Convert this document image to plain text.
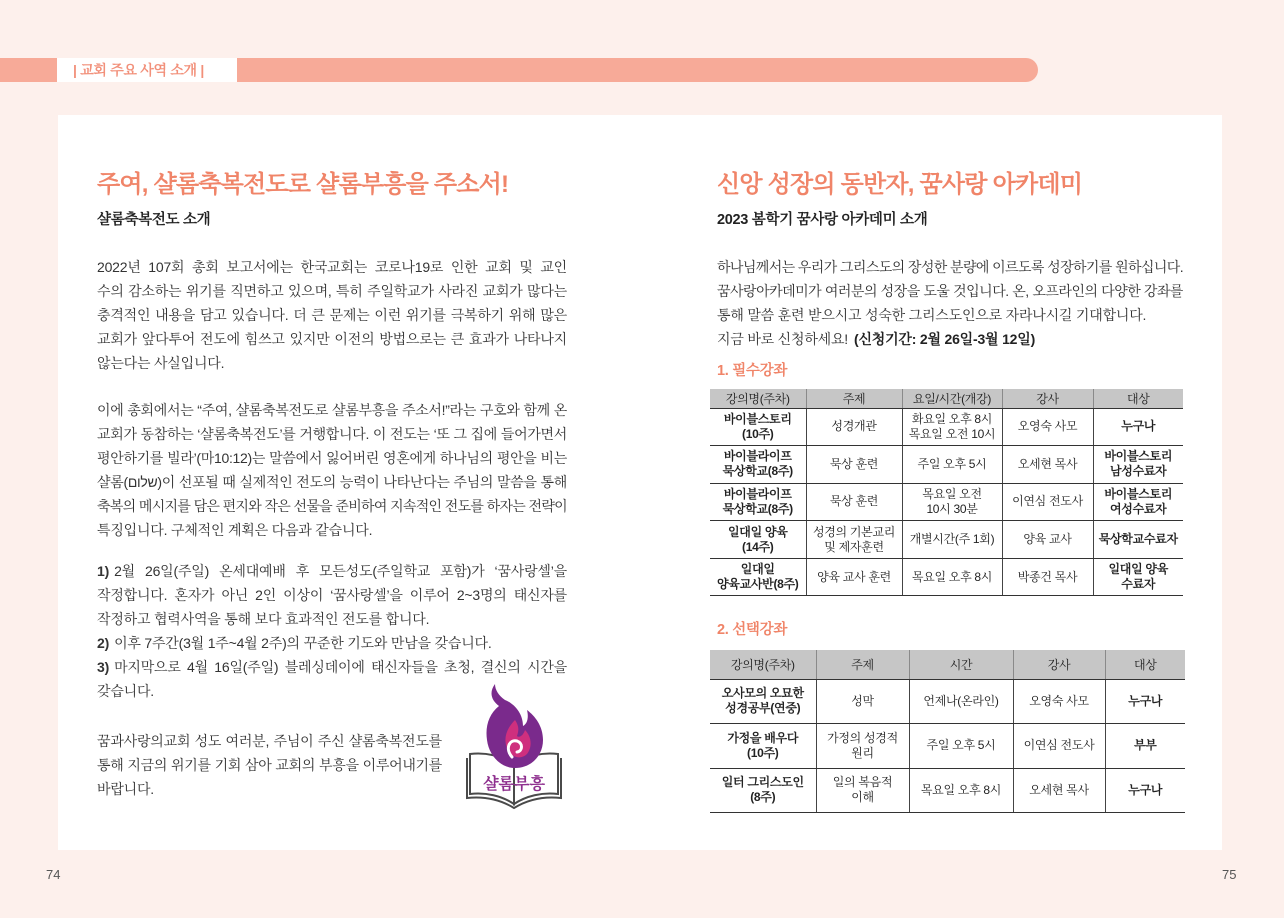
| 교회 주요 사역 소개 |
주여, 샬롬축복전도로 샬롬부흥을 주소서!
샬롬축복전도 소개
2022년 107회 총회 보고서에는 한국교회는 코로나19로 인한 교회 및 교인
수의 감소하는 위기를 직면하고 있으며, 특히 주일학교가 사라진 교회가 많다는
충격적인 내용을 담고 있습니다. 더 큰 문제는 이런 위기를 극복하기 위해 많은
교회가 앞다투어 전도에 힘쓰고 있지만 이전의 방법으로는 큰 효과가 나타나지
않는다는 사실입니다.
이에 총회에서는 “주여, 샬롬축복전도로 샬롬부흥을 주소서!”라는 구호와 함께 온
교회가 동참하는 ‘샬롬축복전도’를 거행합니다. 이 전도는 ‘또 그 집에 들어가면서
평안하기를 빌라’(마10:12)는 말씀에서 잃어버린 영혼에게 하나님의 평안을 비는
샬롬(שלום)이 선포될 때 실제적인 전도의 능력이 나타난다는 주님의 말씀을 통해
축복의 메시지를 담은 편지와 작은 선물을 준비하여 지속적인 전도를 하자는 전략이
특징입니다. 구체적인 계획은 다음과 같습니다.
1) 2월 26일(주일) 온세대예배 후 모든성도(주일학교 포함)가 ‘꿈사랑셀’을
작정합니다. 혼자가 아닌 2인 이상이 ‘꿈사랑셀’을 이루어 2~3명의 태신자를
작정하고 협력사역을 통해 보다 효과적인 전도를 합니다.
2) 이후 7주간(3월 1주~4월 2주)의 꾸준한 기도와 만남을 갖습니다.
3) 마지막으로 4월 16일(주일) 블레싱데이에 태신자들을 초청, 결신의 시간을
갖습니다.
꿈과사랑의교회 성도 여러분, 주님이 주신 샬롬축복전도를
통해 지금의 위기를 기회 삼아 교회의 부흥을 이루어내기를
바랍니다.	샬롬부흥
74
신앙 성장의 동반자, 꿈사랑 아카데미
2023 봄학기 꿈사랑 아카데미 소개
하나님께서는 우리가 그리스도의 장성한 분량에 이르도록 성장하기를 원하십니다.
꿈사랑아카데미가 여러분의 성장을 도울 것입니다. 온, 오프라인의 다양한 강좌를
통해 말씀 훈련 받으시고 성숙한 그리스도인으로 자라나시길 기대합니다.
지금 바로 신청하세요! (신청기간: 2월 26일-3월 12일)
1. 필수강좌
강의명(주차)	주제	요일/시간(개강)	강사	대상

바이블스토리
(10주)	성경개관	화요일 오후 8시
목요일 오전 10시	오영숙 사모	누구나

바이블라이프
묵상학교(8주)	묵상 훈련	주일 오후 5시	오세현 목사	바이블스토리
남성수료자

바이블라이프
묵상학교(8주)	묵상 훈련	목요일 오전
10시 30분	이연심 전도사	바이블스토리
여성수료자

일대일 양육
(14주)	성경의 기본교리
및 제자훈련	개별시간(주 1회)	양육 교사	묵상학교수료자

일대일
양육교사반(8주)	양육 교사 훈련	목요일 오후 8시	박종건 목사	일대일 양육
수료자
2. 선택강좌
강의명(주차)	주제	시간	강사	대상

오사모의 오묘한
성경공부(연중)	성막	언제나(온라인)	오영숙 사모	누구나

가정을 배우다
(10주)	가정의 성경적
원리	주일 오후 5시	이연심 전도사	부부

일터 그리스도인
(8주)	일의 복음적
이해	목요일 오후 8시	오세현 목사	누구나
75
